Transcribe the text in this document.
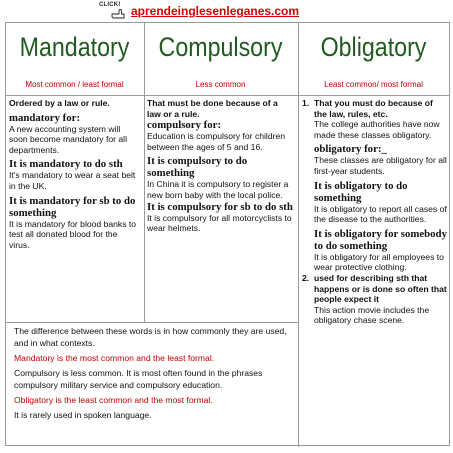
CLICK! aprendeinglesenleganes.com
Mandatory
Most common / least formal
Compulsory
Less common
Obligatory
Least common/ most formal

Ordered by a law or rule.

mandatory for:

A new accounting system will soon become mandatory for all departments.

It is mandatory to do sth

It's mandatory to wear a seat belt in the UK.

It is mandatory for sb to do something

It is mandatory for blood banks to test all donated blood for the virus.

That must be done because of a law or a rule.

compulsory for:

Education is compulsory for children between the ages of 5 and 16.

It is compulsory to do something

In China it is compulsory to register a new born baby with the local police.

It is compulsory for sb to do sth

It is compulsory for all motorcyclists to wear helmets.

1. That you must do because of the law, rules, etc.

The college authorities have now made these classes obligatory.

obligatory for:_

These classes are obligatory for all first-year students.

It is obligatory to do something

It is obligatory to report all cases of the disease to the authorities.

It is obligatory for somebody to do something

It is obligatory for all employees to wear protective clothing.

2. used for describing sth that happens or is done so often that people expect it

This action movie includes the obligatory chase scene.

The difference between these words is in how commonly they are used, and in what contexts.

Mandatory is the most common and the least formal.

Compulsory is less common. It is most often found in the phrases compulsory military service and compulsory education.

Obligatory is the least common and the most formal.

It is rarely used in spoken language.
